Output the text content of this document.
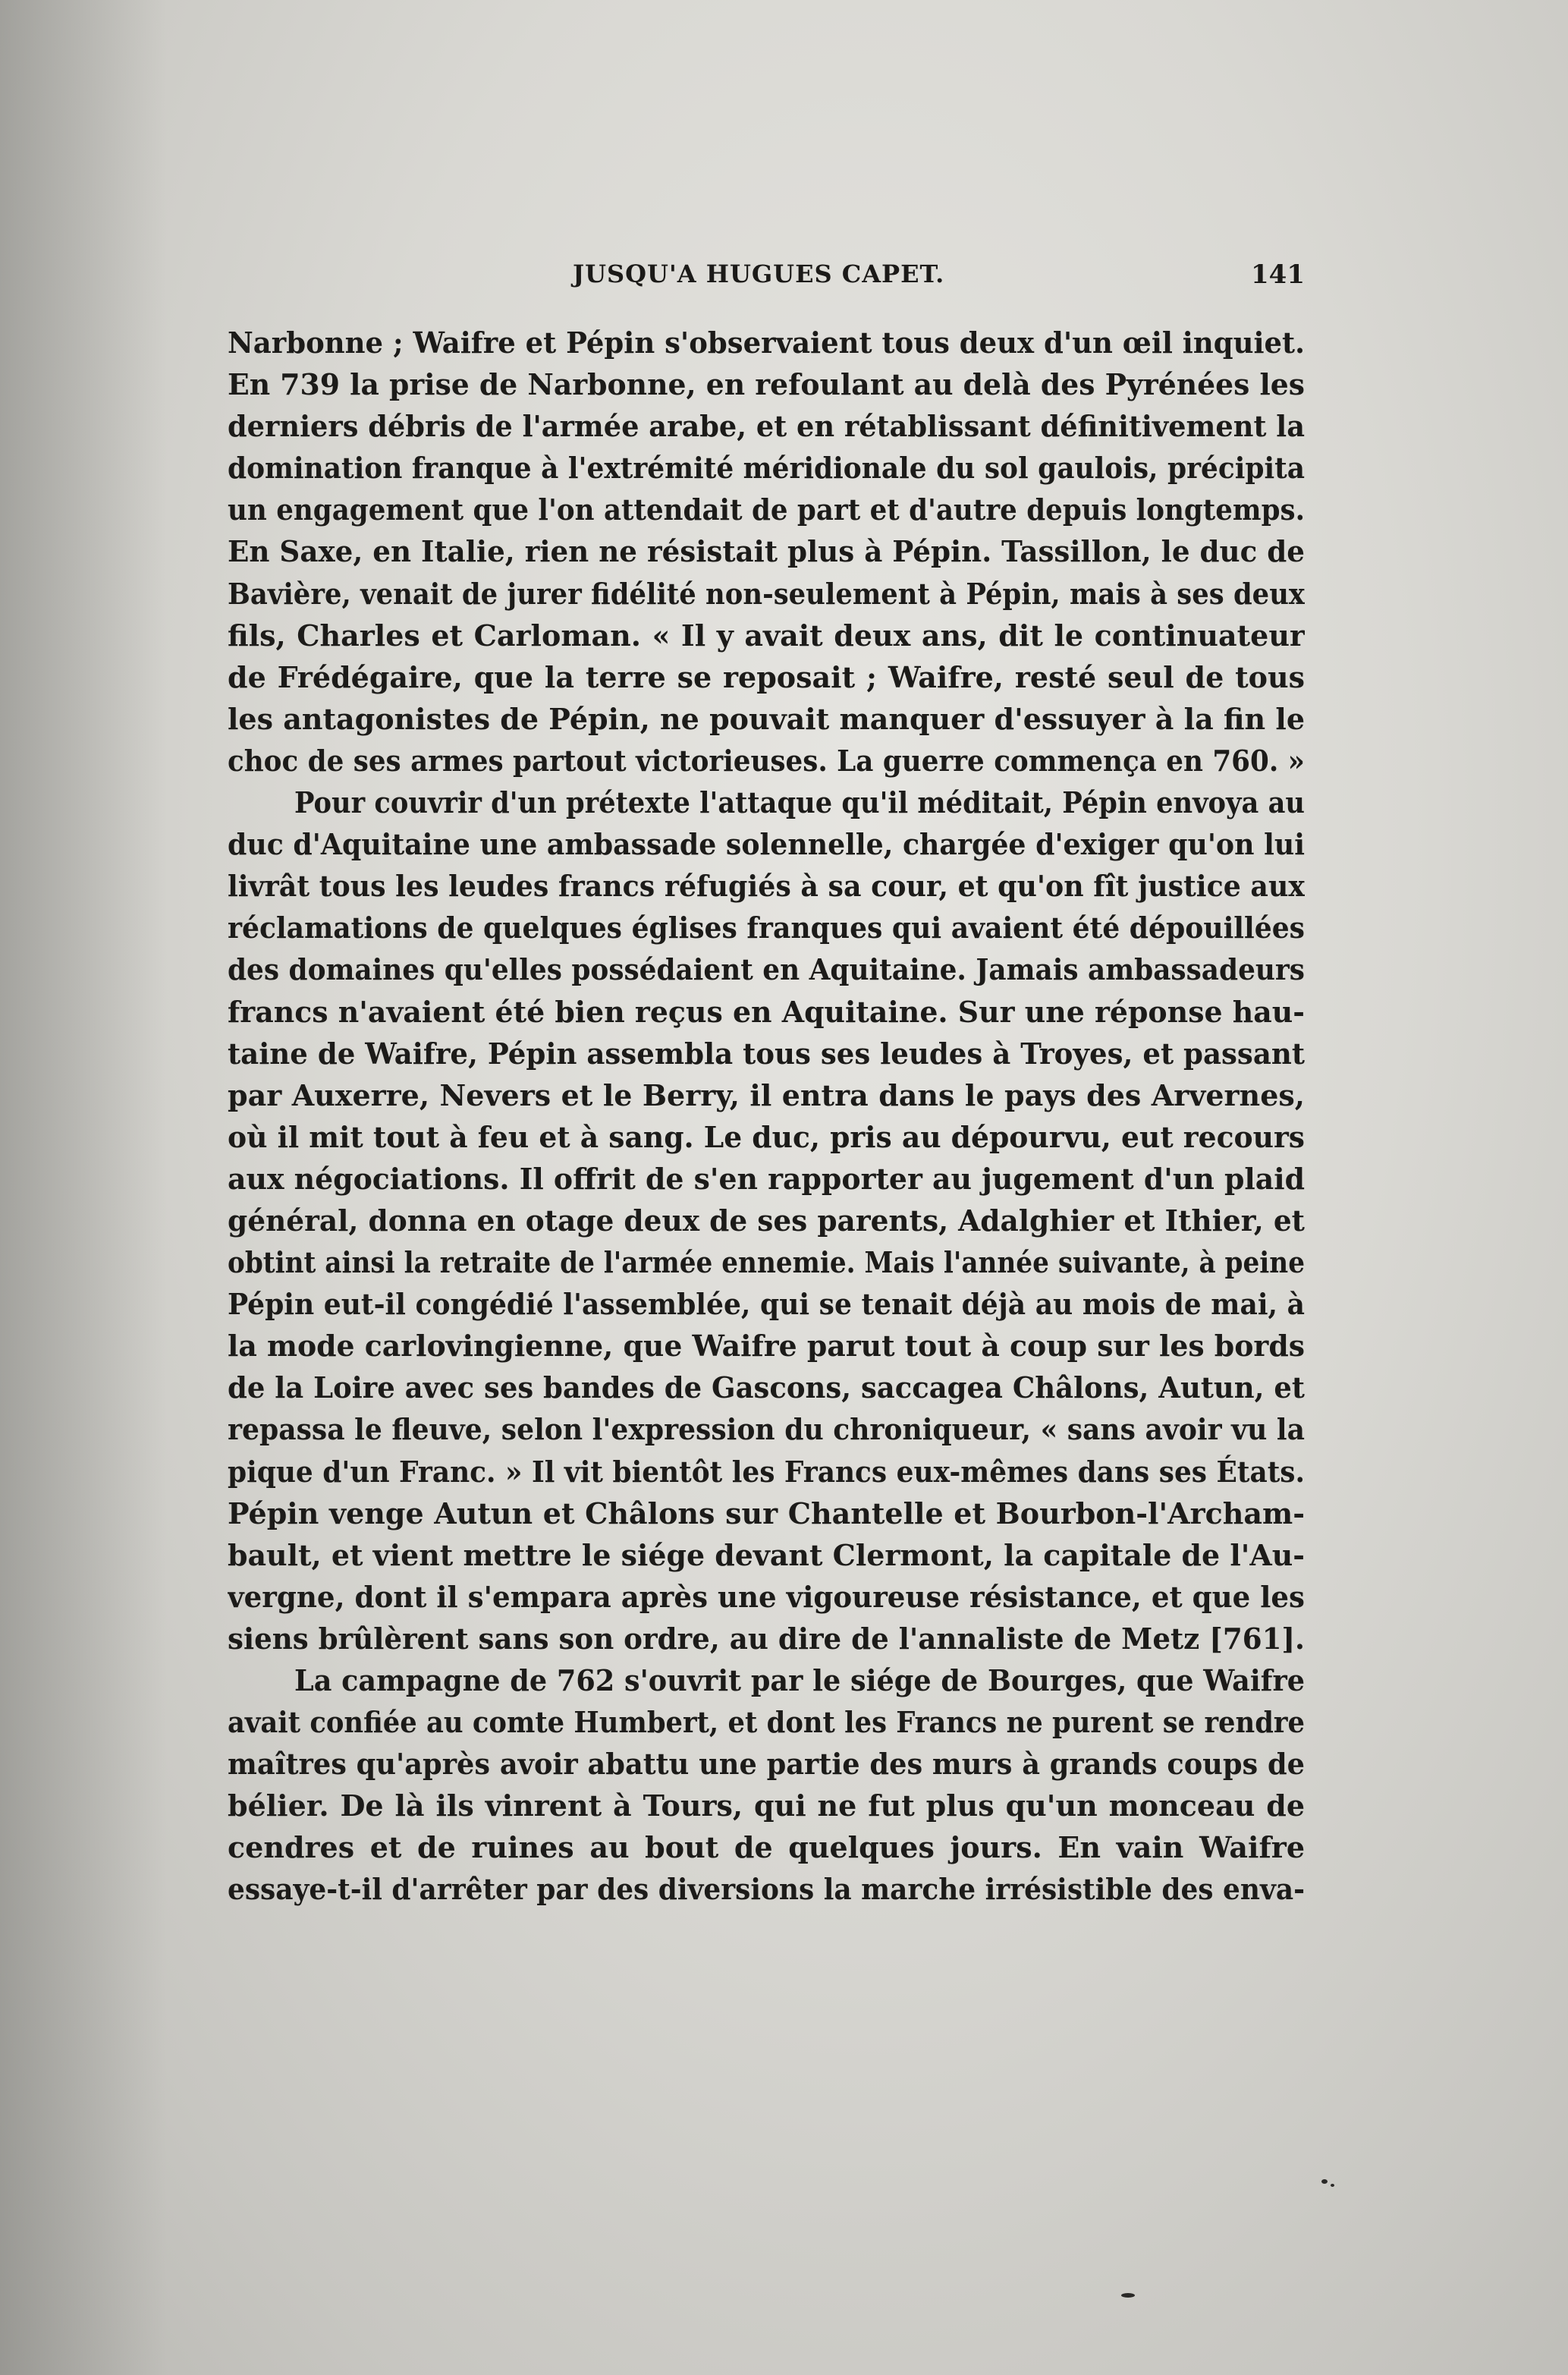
JUSQU'A HUGUES CAPET.	141
Narbonne ; Waifre et Pépin s'observaient tous deux d'un œil inquiet.
En 739 la prise de Narbonne, en refoulant au delà des Pyrénées les
derniers débris de l'armée arabe, et en rétablissant définitivement la
domination franque à l'extrémité méridionale du sol gaulois, précipita
un engagement que l'on attendait de part et d'autre depuis longtemps.
En Saxe, en Italie, rien ne résistait plus à Pépin. Tassillon, le duc de
Bavière, venait de jurer fidélité non-seulement à Pépin, mais à ses deux
fils, Charles et Carloman. « Il y avait deux ans, dit le continuateur
de Frédégaire, que la terre se reposait ; Waifre, resté seul de tous
les antagonistes de Pépin, ne pouvait manquer d'essuyer à la fin le
choc de ses armes partout victorieuses. La guerre commença en 760. »
Pour couvrir d'un prétexte l'attaque qu'il méditait, Pépin envoya au
duc d'Aquitaine une ambassade solennelle, chargée d'exiger qu'on lui
livrât tous les leudes francs réfugiés à sa cour, et qu'on fît justice aux
réclamations de quelques églises franques qui avaient été dépouillées
des domaines qu'elles possédaient en Aquitaine. Jamais ambassadeurs
francs n'avaient été bien reçus en Aquitaine. Sur une réponse hau-
taine de Waifre, Pépin assembla tous ses leudes à Troyes, et passant
par Auxerre, Nevers et le Berry, il entra dans le pays des Arvernes,
où il mit tout à feu et à sang. Le duc, pris au dépourvu, eut recours
aux négociations. Il offrit de s'en rapporter au jugement d'un plaid
général, donna en otage deux de ses parents, Adalghier et Ithier, et
obtint ainsi la retraite de l'armée ennemie. Mais l'année suivante, à peine
Pépin eut-il congédié l'assemblée, qui se tenait déjà au mois de mai, à
la mode carlovingienne, que Waifre parut tout à coup sur les bords
de la Loire avec ses bandes de Gascons, saccagea Châlons, Autun, et
repassa le fleuve, selon l'expression du chroniqueur, « sans avoir vu la
pique d'un Franc. » Il vit bientôt les Francs eux-mêmes dans ses États.
Pépin venge Autun et Châlons sur Chantelle et Bourbon-l'Archam-
bault, et vient mettre le siége devant Clermont, la capitale de l'Au-
vergne, dont il s'empara après une vigoureuse résistance, et que les
siens brûlèrent sans son ordre, au dire de l'annaliste de Metz [761].
La campagne de 762 s'ouvrit par le siége de Bourges, que Waifre
avait confiée au comte Humbert, et dont les Francs ne purent se rendre
maîtres qu'après avoir abattu une partie des murs à grands coups de
bélier. De là ils vinrent à Tours, qui ne fut plus qu'un monceau de
cendres et de ruines au bout de quelques jours. En vain Waifre
essaye-t-il d'arrêter par des diversions la marche irrésistible des enva-
